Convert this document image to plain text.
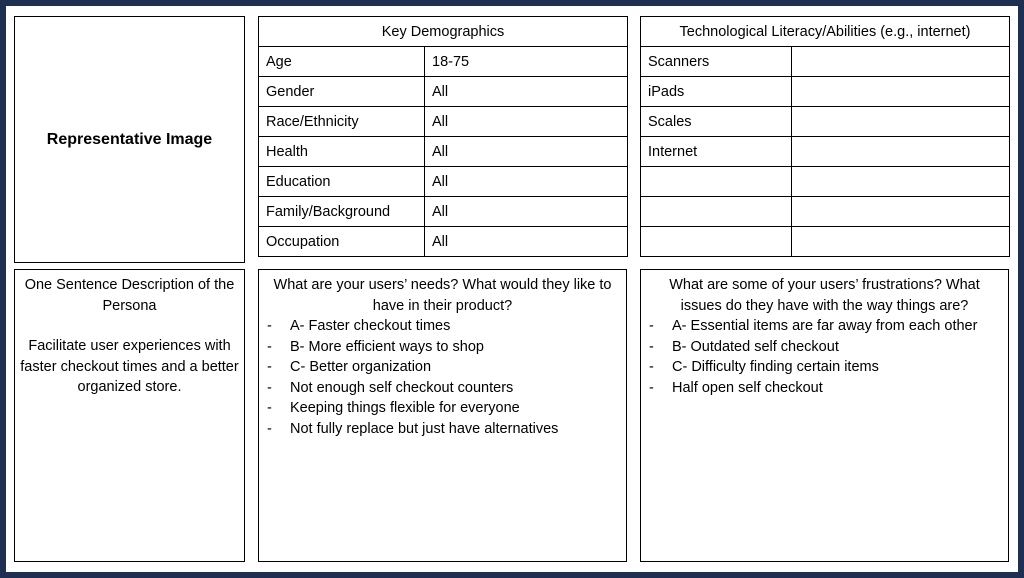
Representative Image
Key Demographics	
Age	18-75
Gender	All
Race/Ethnicity	All
Health	All
Education	All
Family/Background	All
Occupation	All
Technological Literacy/Abilities (e.g., internet)	
Scanners	
iPads	
Scales	
Internet	

One Sentence Description of the Persona

Facilitate user experiences with faster checkout times and a better organized store.

What are your users’ needs? What would they like to have in their product?

- A- Faster checkout times
- B- More efficient ways to shop
- C- Better organization
- Not enough self checkout counters
- Keeping things flexible for everyone
- Not fully replace but just have alternatives

What are some of your users’ frustrations? What issues do they have with the way things are?

- A- Essential items are far away from each other
- B- Outdated self checkout
- C- Difficulty finding certain items
- Half open self checkout
